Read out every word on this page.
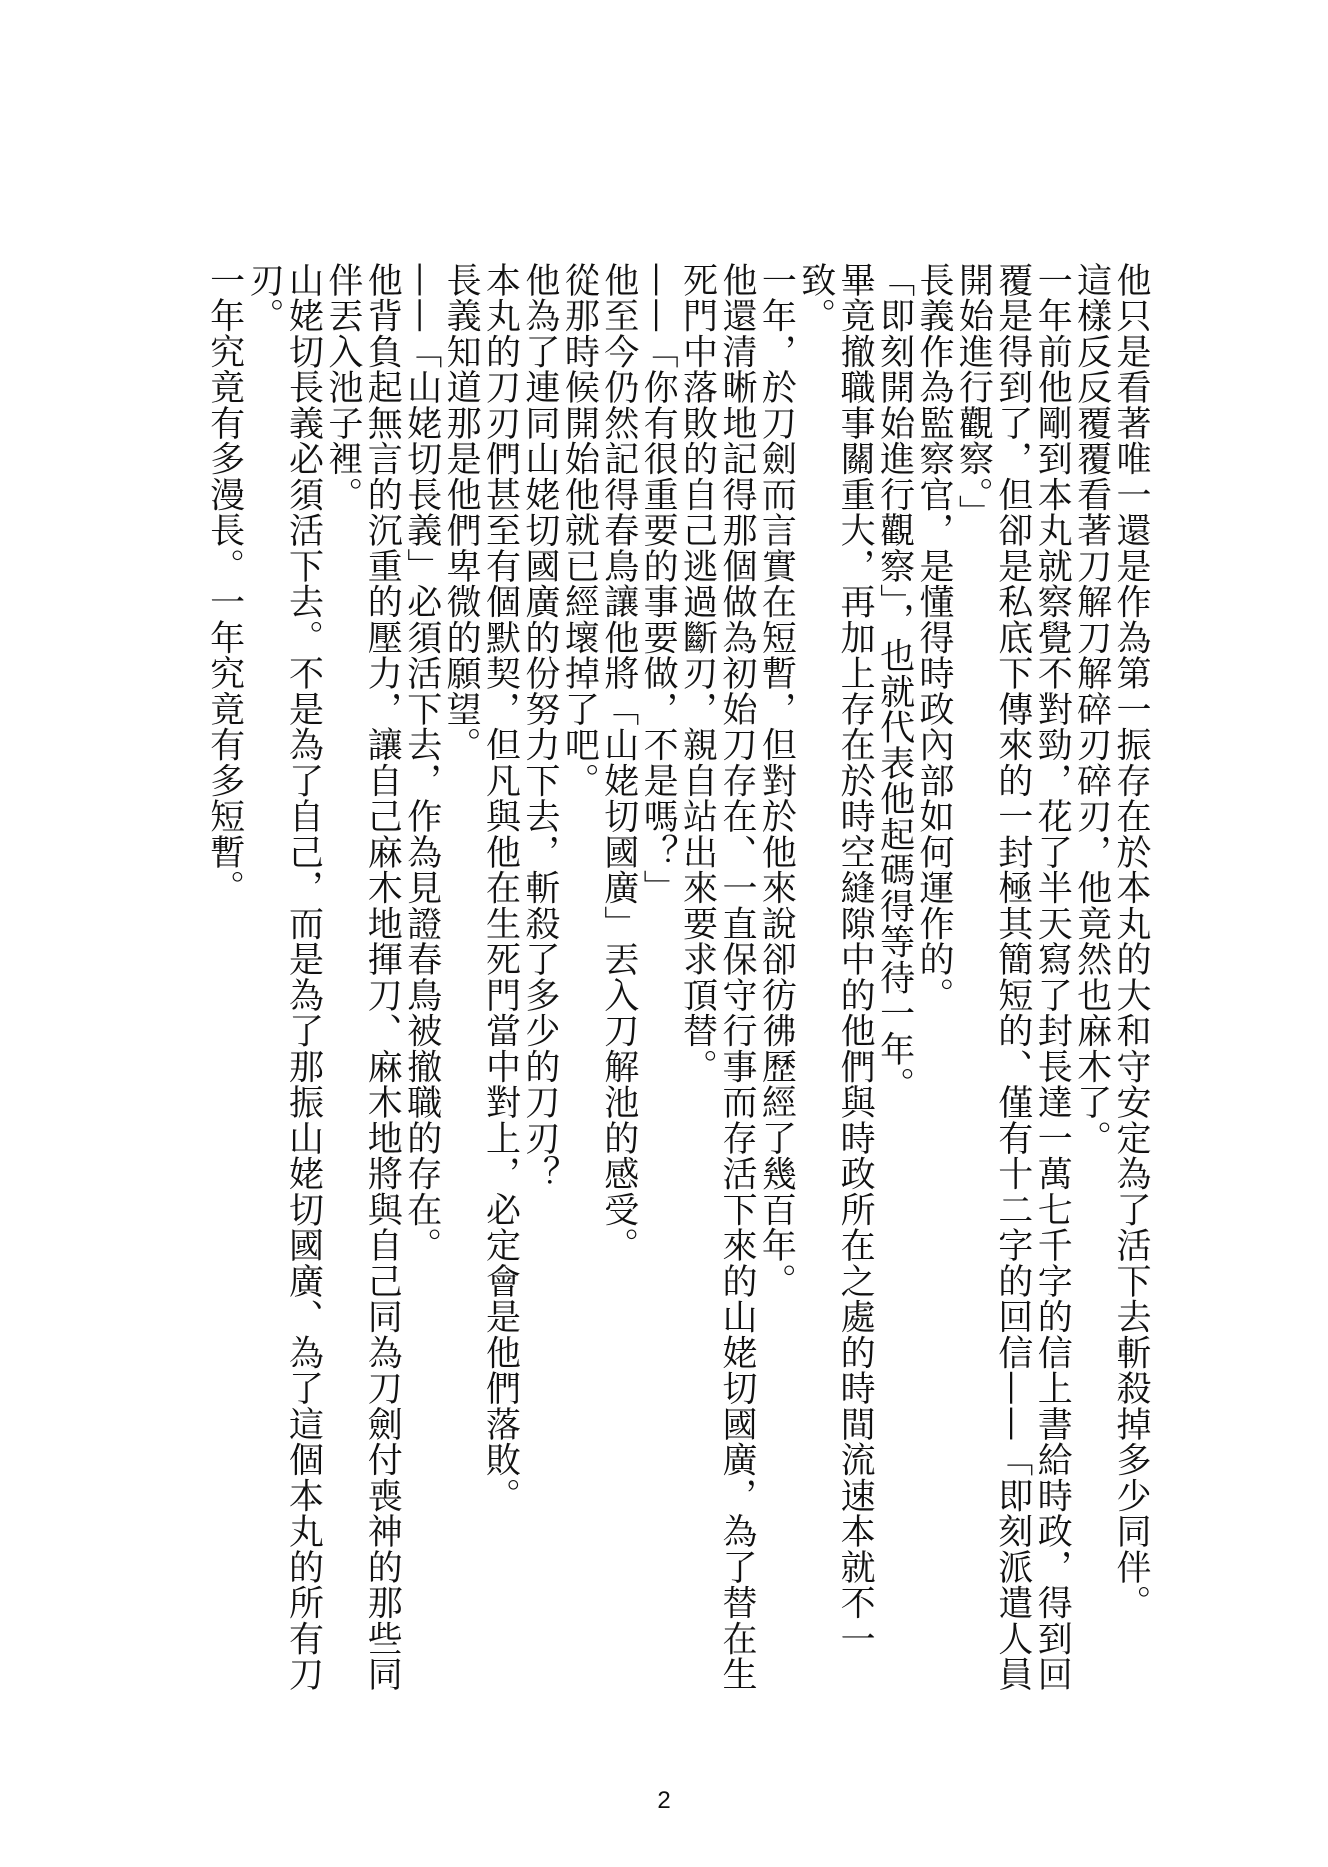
他只是看著唯一還是作為第一振存在於本丸的大和守安定為了活下去斬殺掉多少同伴。

這樣反反覆覆看著刀解刀解碎刃碎刃，他竟然也麻木了。

一年前他剛到本丸就察覺不對勁，花了半天寫了封長達一萬七千字的信上書給時政，得到回覆是得到了，但卻是私底下傳來的一封極其簡短的、僅有十二字的回信——「即刻派遣人員開始進行觀察。」

長義作為監察官，是懂得時政內部如何運作的。

「即刻開始進行觀察」，也就代表他起碼得等待一年。

畢竟撤職事關重大，再加上存在於時空縫隙中的他們與時政所在之處的時間流速本就不一致。

一年，於刀劍而言實在短暫，但對於他來說卻彷彿歷經了幾百年。

他還清晰地記得那個做為初始刀存在、一直保守行事而存活下來的山姥切國廣，為了替在生死門中落敗的自己逃過斷刃，親自站出來要求頂替。

——「你有很重要的事要做，不是嗎？」

他至今仍然記得春鳥讓他將「山姥切國廣」丟入刀解池的感受。

從那時候開始他就已經壞掉了吧。

他為了連同山姥切國廣的份努力下去，斬殺了多少的刀刃？

本丸的刀刃們甚至有個默契，但凡與他在生死門當中對上，必定會是他們落敗。

長義知道那是他們卑微的願望。

——「山姥切長義」必須活下去，作為見證春鳥被撤職的存在。

他背負起無言的沉重的壓力，讓自己麻木地揮刀、麻木地將與自己同為刀劍付喪神的那些同伴丟入池子裡。

山姥切長義必須活下去。不是為了自己，而是為了那振山姥切國廣、為了這個本丸的所有刀刃。

一年究竟有多漫長。一年究竟有多短暫。

2
